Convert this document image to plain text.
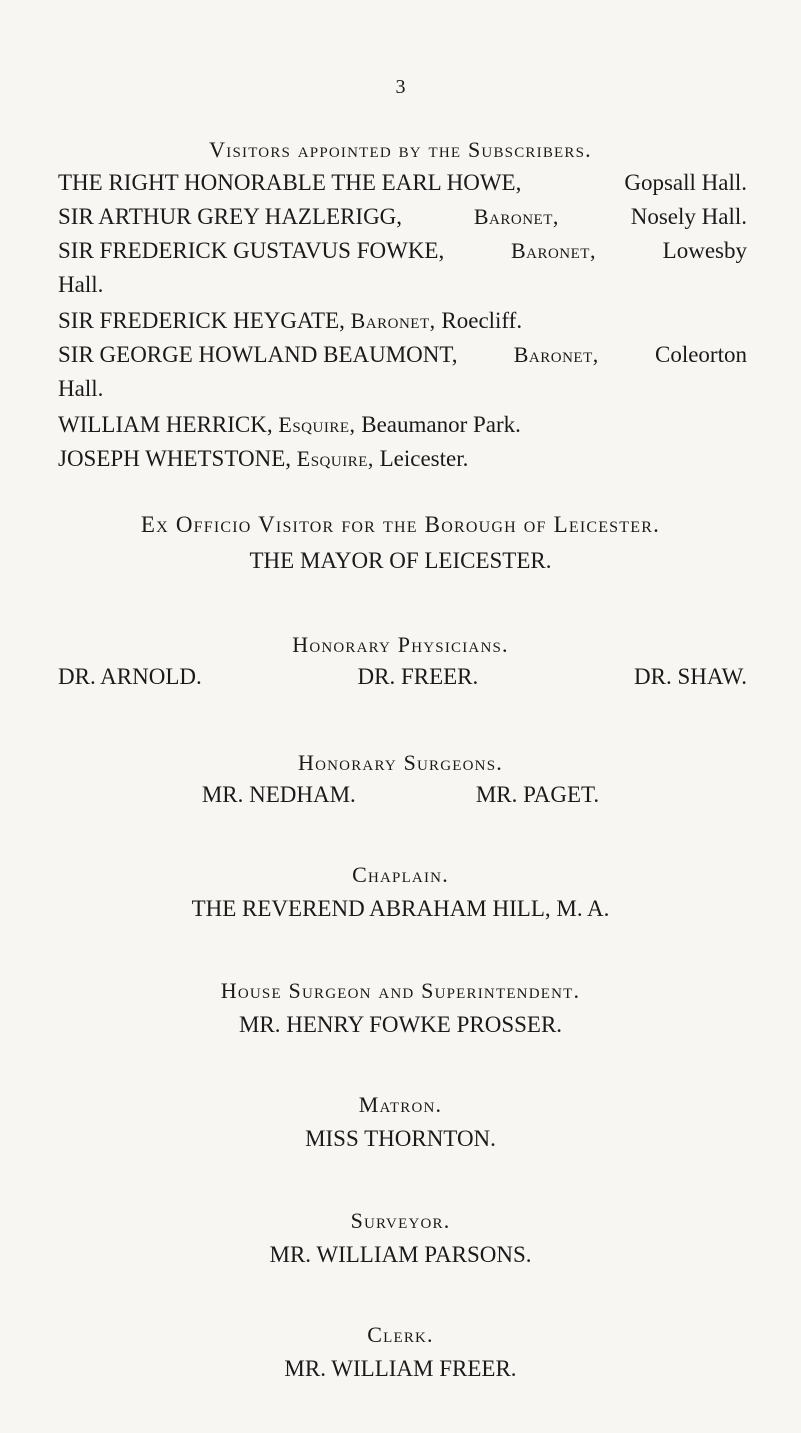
3
Visitors appointed by the Subscribers.
THE RIGHT HONORABLE THE EARL HOWE,	Gopsall Hall.
SIR ARTHUR GREY HAZLERIGG,	Baronet,	Nosely Hall.
SIR FREDERICK GUSTAVUS FOWKE,	Baronet,	Lowesby
Hall.
SIR FREDERICK HEYGATE, Baronet, Roecliff.
SIR GEORGE HOWLAND BEAUMONT,	Baronet, Coleorton
Hall.
WILLIAM HERRICK, Esquire, Beaumanor Park.
JOSEPH WHETSTONE, Esquire, Leicester.
Ex Officio Visitor for the Borough of Leicester.
THE MAYOR OF LEICESTER.
Honorary Physicians.
DR. ARNOLD.	DR. FREER.	DR. SHAW.
Honorary Surgeons.
MR. NEDHAM.	MR. PAGET.
Chaplain.
THE REVEREND ABRAHAM HILL, M. A.
House Surgeon and Superintendent.
MR. HENRY FOWKE PROSSER.
Matron.
MISS THORNTON.
Surveyor.
MR. WILLIAM PARSONS.
Clerk.
MR. WILLIAM FREER.
